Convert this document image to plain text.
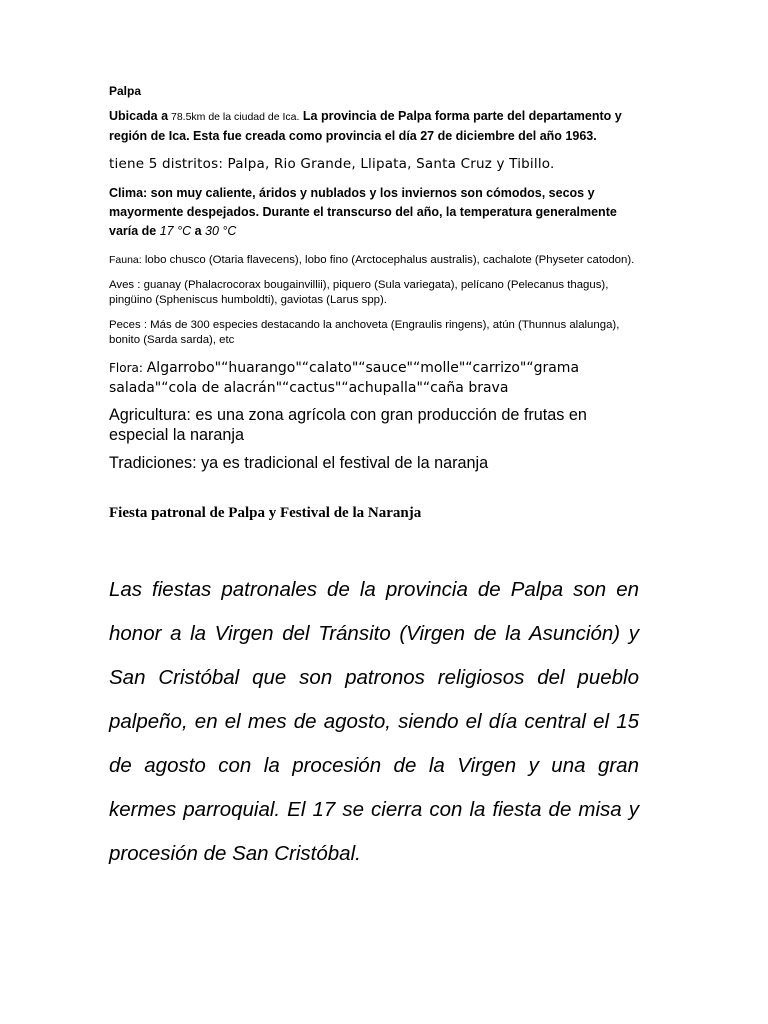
Palpa

Ubicada a 78.5km de la ciudad de Ica. La provincia de Palpa forma parte del departamento y región de Ica. Esta fue creada como provincia el día 27 de diciembre del año 1963.

tiene 5 distritos: Palpa, Rio Grande, Llipata, Santa Cruz y Tibillo.

Clima: son muy caliente, áridos y nublados y los inviernos son cómodos, secos y mayormente despejados. Durante el transcurso del año, la temperatura generalmente varía de 17 °C a 30 °C

Fauna: lobo chusco (Otaria flavecens), lobo fino (Arctocephalus australis), cachalote (Physeter catodon).

Aves : guanay (Phalacrocorax bougainvillii), piquero (Sula variegata), pelícano (Pelecanus thagus), pingüino (Spheniscus humboldti), gaviotas (Larus spp).

Peces : Más de 300 especies destacando la anchoveta (Engraulis ringens), atún (Thunnus alalunga), bonito (Sarda sarda), etc

Flora: Algarrobo"“huarango"“calato"“sauce"“molle"“carrizo"“grama salada"“cola de alacrán"“cactus"“achupalla"“caña brava

Agricultura: es una zona agrícola con gran producción de frutas en especial la naranja

Tradiciones: ya es tradicional el festival de la naranja

Fiesta patronal de Palpa y Festival de la Naranja

Las fiestas patronales de la provincia de Palpa son en honor a la Virgen del Tránsito (Virgen de la Asunción) y San Cristóbal que son patronos religiosos del pueblo palpeño, en el mes de agosto, siendo el día central el 15 de agosto con la procesión de la Virgen y una gran kermes parroquial. El 17 se cierra con la fiesta de misa y procesión de San Cristóbal.
